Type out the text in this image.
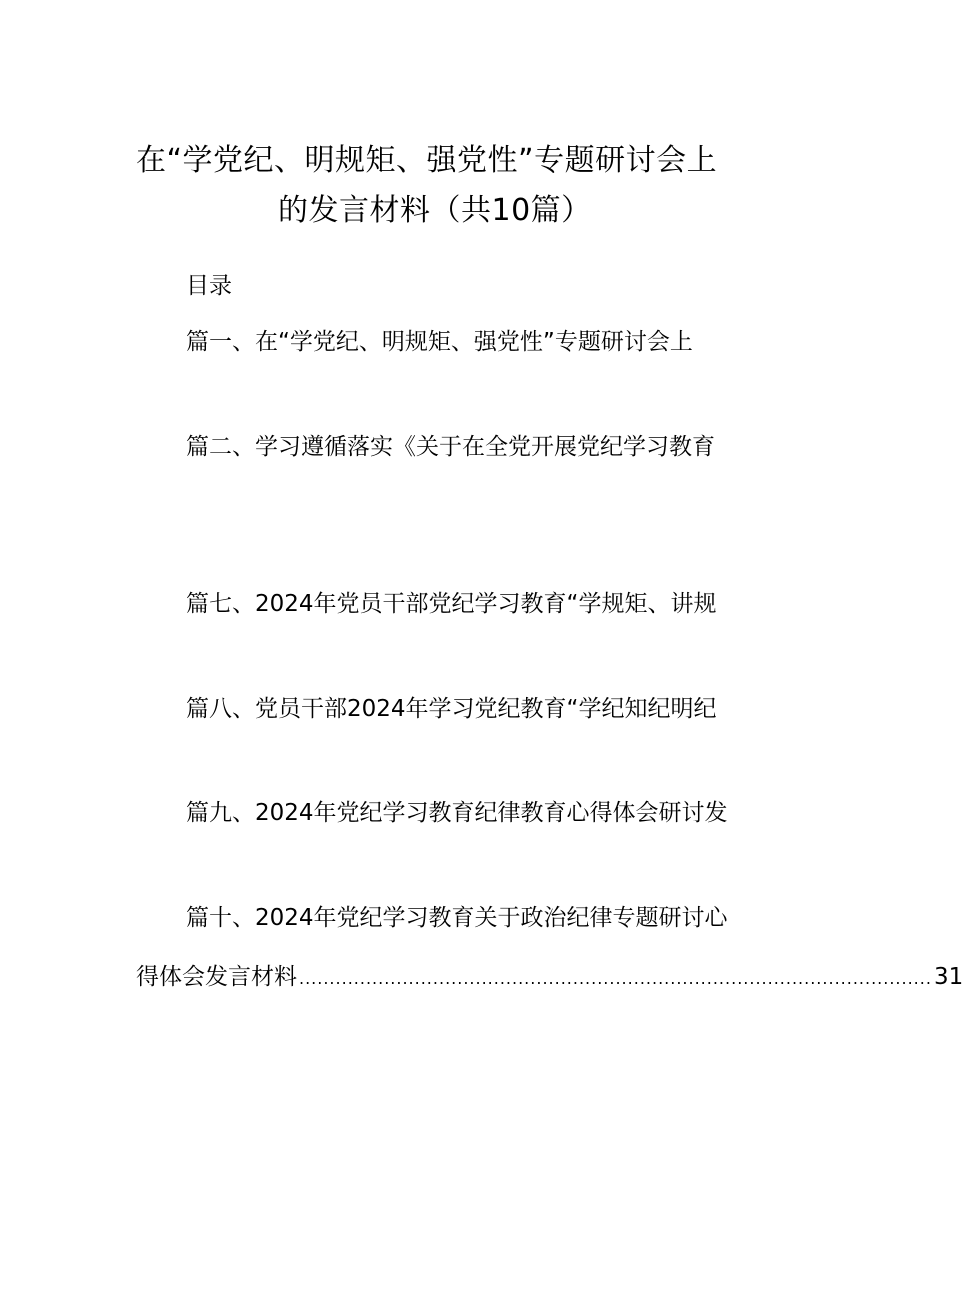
在“学党纪、明规矩、强党性”专题研讨会上
的发言材料（共10篇）
目录
篇一、在“学党纪、明规矩、强党性”专题研讨会上
篇二、学习遵循落实《关于在全党开展党纪学习教育
篇七、2024年党员干部党纪学习教育“学规矩、讲规
篇八、党员干部2024年学习党纪教育“学纪知纪明纪
篇九、2024年党纪学习教育纪律教育心得体会研讨发
篇十、2024年党纪学习教育关于政治纪律专题研讨心
得体会发言材料 ........................................................................................................ 31
